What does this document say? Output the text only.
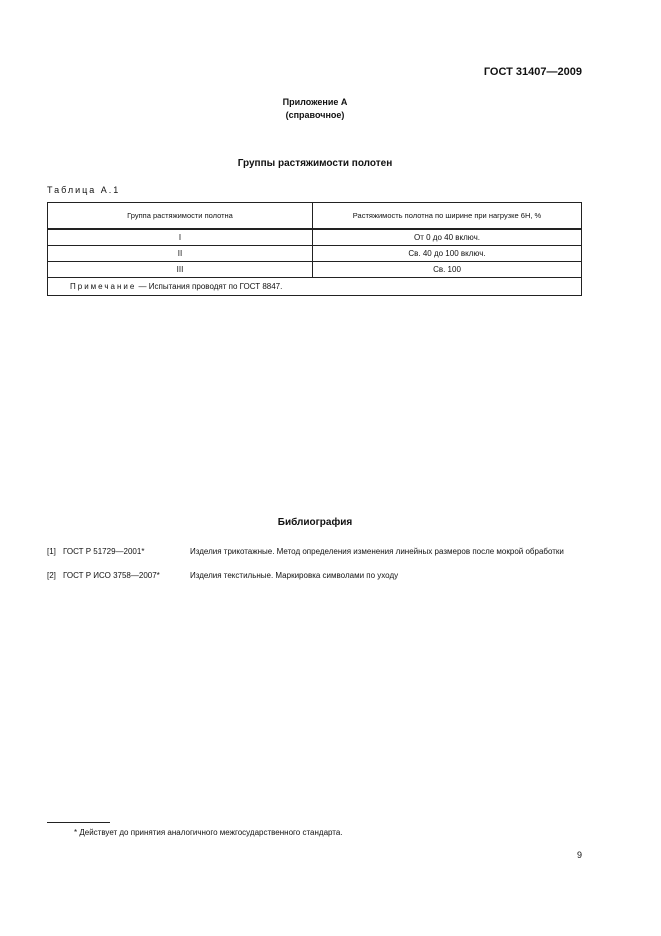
ГОСТ 31407—2009
Приложение А
(справочное)
Группы растяжимости полотен
Таблица А.1
Группа растяжимости полотна	Растяжимость полотна по ширине при нагрузке 6Н, %
I	От 0 до 40 включ.
II	Св. 40 до 100 включ.
III	Св. 100
Примечание — Испытания проводят по ГОСТ 8847.	
Библиография
[1] ГОСТ Р 51729—2001*	Изделия трикотажные. Метод определения изменения линейных размеров после мокрой обработки
[2] ГОСТ Р ИСО 3758—2007*	Изделия текстильные. Маркировка символами по уходу
* Действует до принятия аналогичного межгосударственного стандарта.
9
